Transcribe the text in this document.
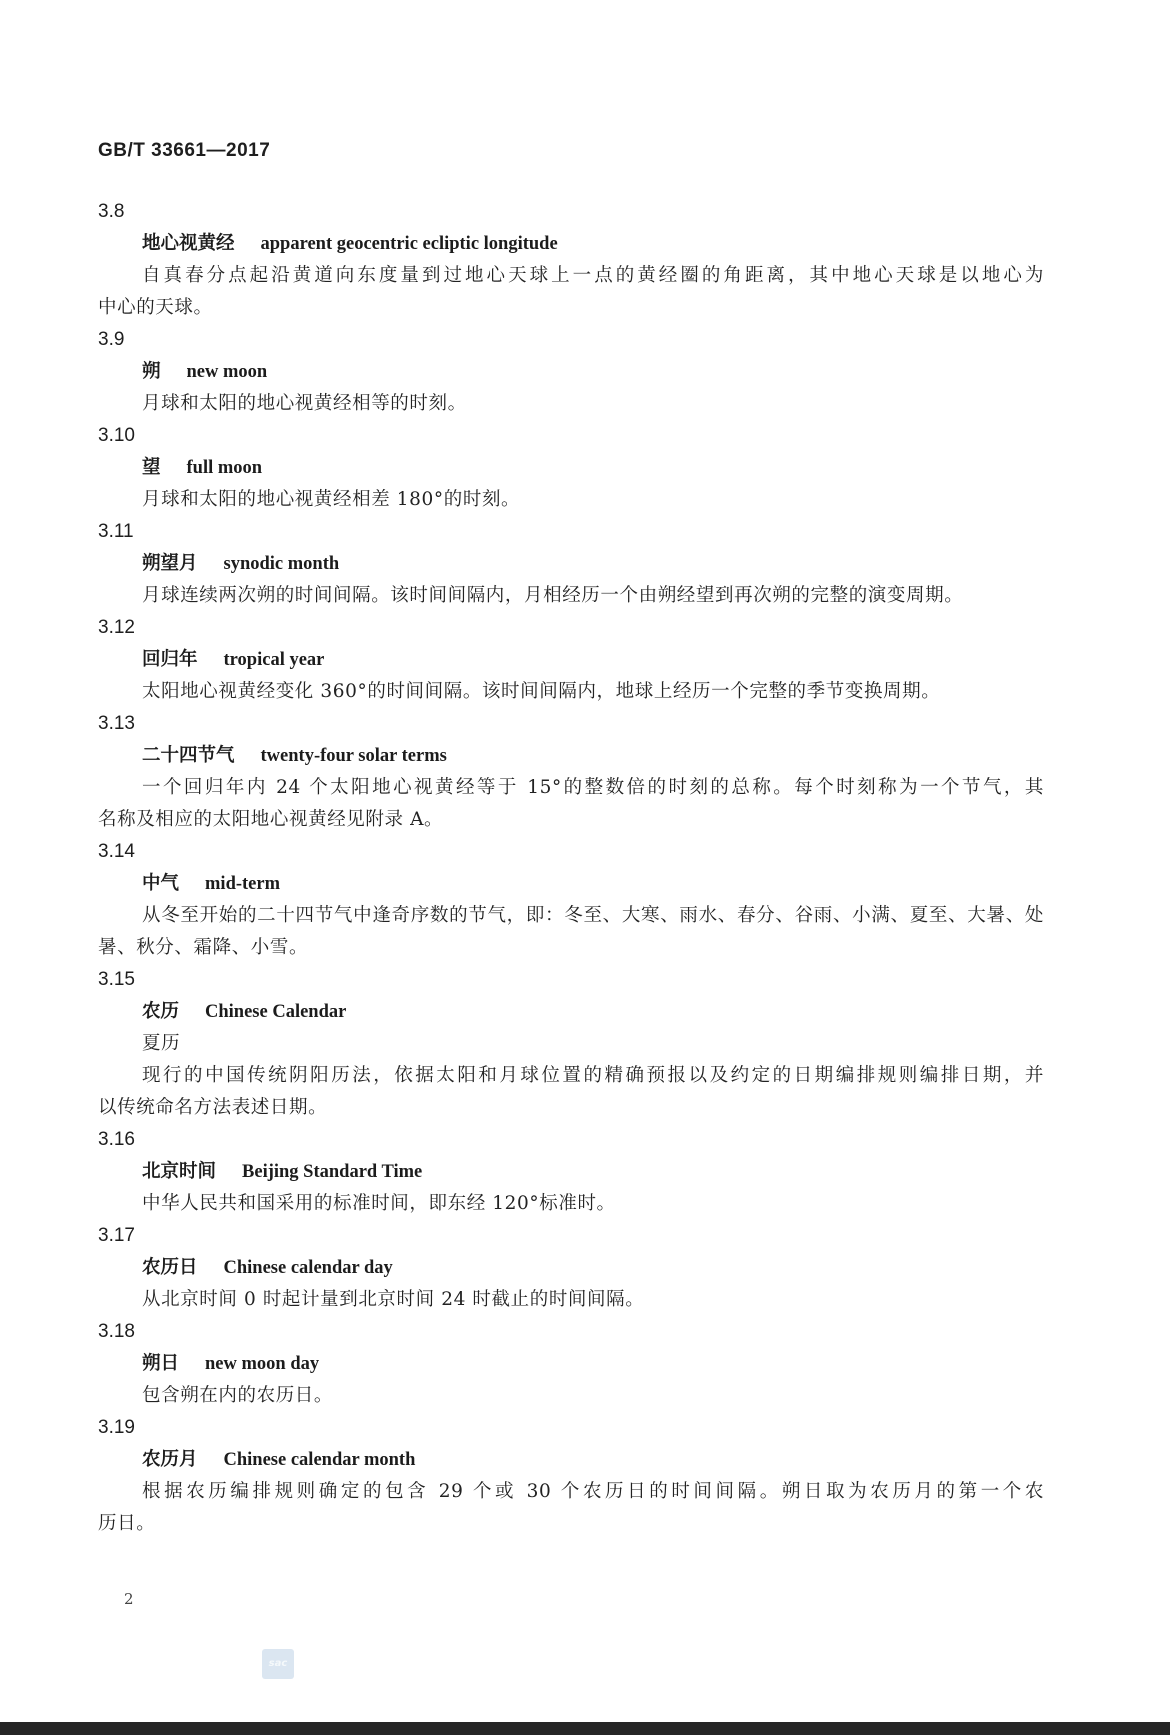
GB/T 33661—2017
3.8
地心视黄经 apparent geocentric ecliptic longitude
自真春分点起沿黄道向东度量到过地心天球上一点的黄经圈的角距离，其中地心天球是以地心为
中心的天球。
3.9
朔 new moon
月球和太阳的地心视黄经相等的时刻。
3.10
望 full moon
月球和太阳的地心视黄经相差 180°的时刻。
3.11
朔望月 synodic month
月球连续两次朔的时间间隔。该时间间隔内，月相经历一个由朔经望到再次朔的完整的演变周期。
3.12
回归年 tropical year
太阳地心视黄经变化 360°的时间间隔。该时间间隔内，地球上经历一个完整的季节变换周期。
3.13
二十四节气 twenty-four solar terms
一个回归年内 24 个太阳地心视黄经等于 15°的整数倍的时刻的总称。每个时刻称为一个节气，其
名称及相应的太阳地心视黄经见附录 A。
3.14
中气 mid-term
从冬至开始的二十四节气中逢奇序数的节气，即：冬至、大寒、雨水、春分、谷雨、小满、夏至、大暑、处
暑、秋分、霜降、小雪。
3.15
农历 Chinese Calendar
夏历
现行的中国传统阴阳历法，依据太阳和月球位置的精确预报以及约定的日期编排规则编排日期，并
以传统命名方法表述日期。
3.16
北京时间 Beijing Standard Time
中华人民共和国采用的标准时间，即东经 120°标准时。
3.17
农历日 Chinese calendar day
从北京时间 0 时起计量到北京时间 24 时截止的时间间隔。
3.18
朔日 new moon day
包含朔在内的农历日。
3.19
农历月 Chinese calendar month
根据农历编排规则确定的包含 29 个或 30 个农历日的时间间隔。朔日取为农历月的第一个农
历日。
2
sac
